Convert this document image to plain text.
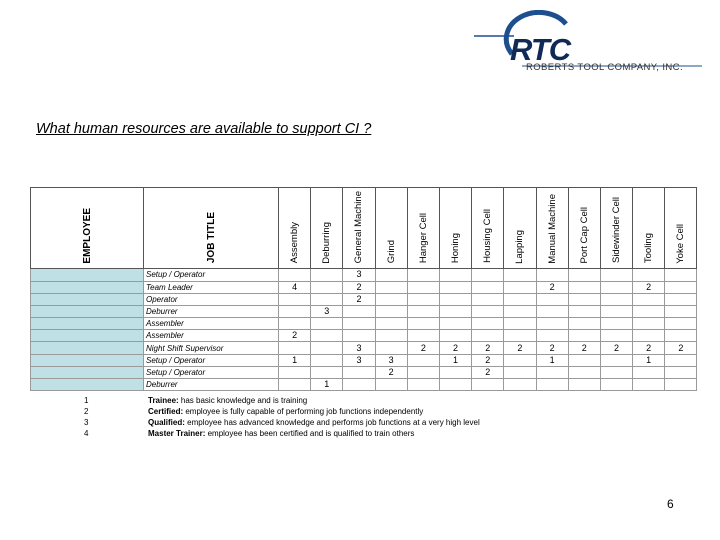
RTC
ROBERTS TOOL COMPANY, INC.
What human resources are available to support CI ?
EMPLOYEE	JOB TITLE	Assembly	Deburring	General Machine	Grind	Hanger Cell	Honing	Housing Cell	Lapping	Manual Machine	Port Cap Cell	Sidewinder Cell	Tooling	Yoke Cell
	Setup / Operator			3										
	Team Leader	4		2						2			2	
	Operator			2										
	Deburrer		3											
	Assembler													
	Assembler	2												
	Night Shift Supervisor			3		2	2	2	2	2	2	2	2	2
	Setup / Operator	1		3	3		1	2		1			1	
	Setup / Operator				2			2						
	Deburrer		1											
1	Trainee: has basic knowledge and is training
2	Certified: employee is fully capable of performing job functions independently
3	Qualified: employee has advanced knowledge and performs job functions at a very high level
4	Master Trainer: employee has been certified and is qualified to train others
6
